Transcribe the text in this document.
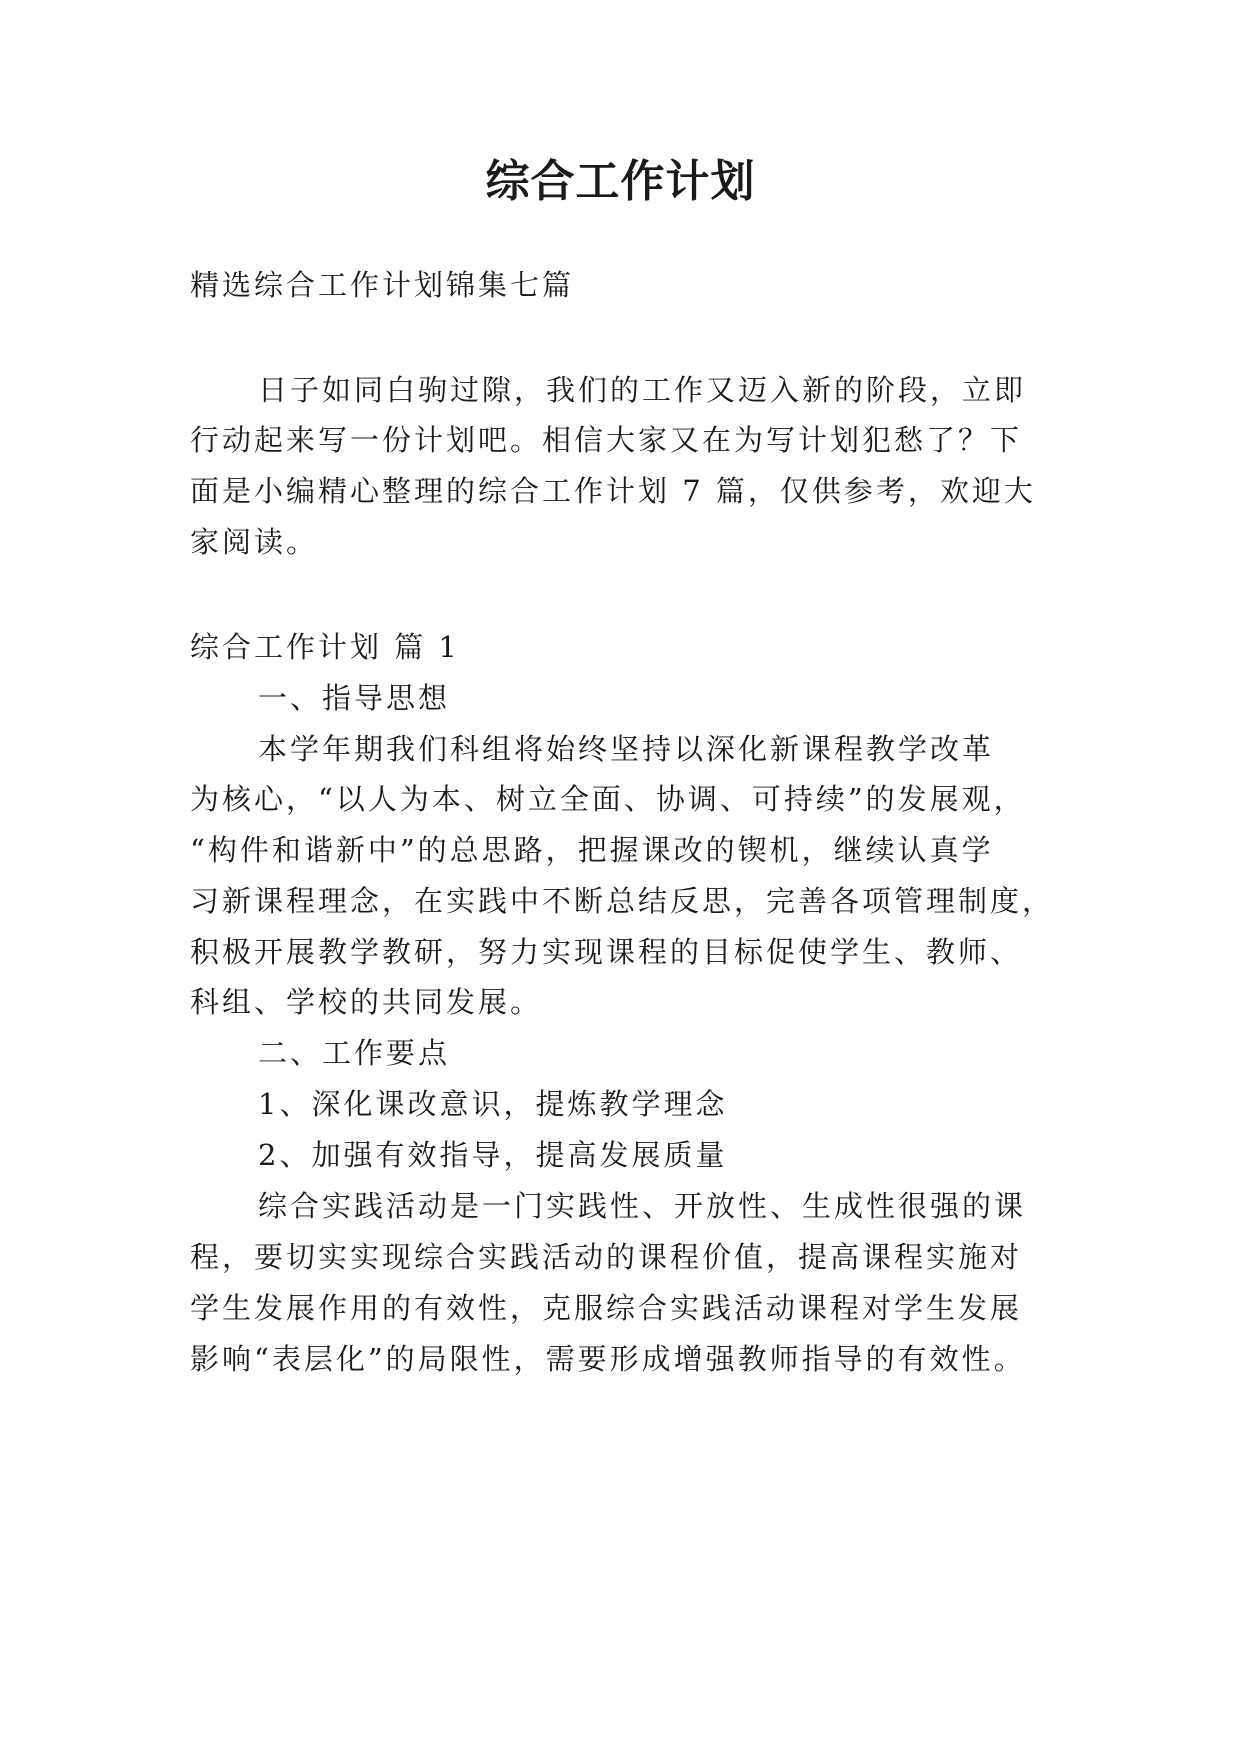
综合工作计划
精选综合工作计划锦集七篇
日子如同白驹过隙，我们的工作又迈入新的阶段，立即
行动起来写一份计划吧。相信大家又在为写计划犯愁了？下
面是小编精心整理的综合工作计划 7 篇，仅供参考，欢迎大
家阅读。
综合工作计划 篇 1
一、指导思想
本学年期我们科组将始终坚持以深化新课程教学改革
为核心，“以人为本、树立全面、协调、可持续”的发展观，
“构件和谐新中”的总思路，把握课改的锲机，继续认真学
习新课程理念，在实践中不断总结反思，完善各项管理制度，
积极开展教学教研，努力实现课程的目标促使学生、教师、
科组、学校的共同发展。
二、工作要点
1、深化课改意识，提炼教学理念
2、加强有效指导，提高发展质量
综合实践活动是一门实践性、开放性、生成性很强的课
程，要切实实现综合实践活动的课程价值，提高课程实施对
学生发展作用的有效性，克服综合实践活动课程对学生发展
影响“表层化”的局限性，需要形成增强教师指导的有效性。
